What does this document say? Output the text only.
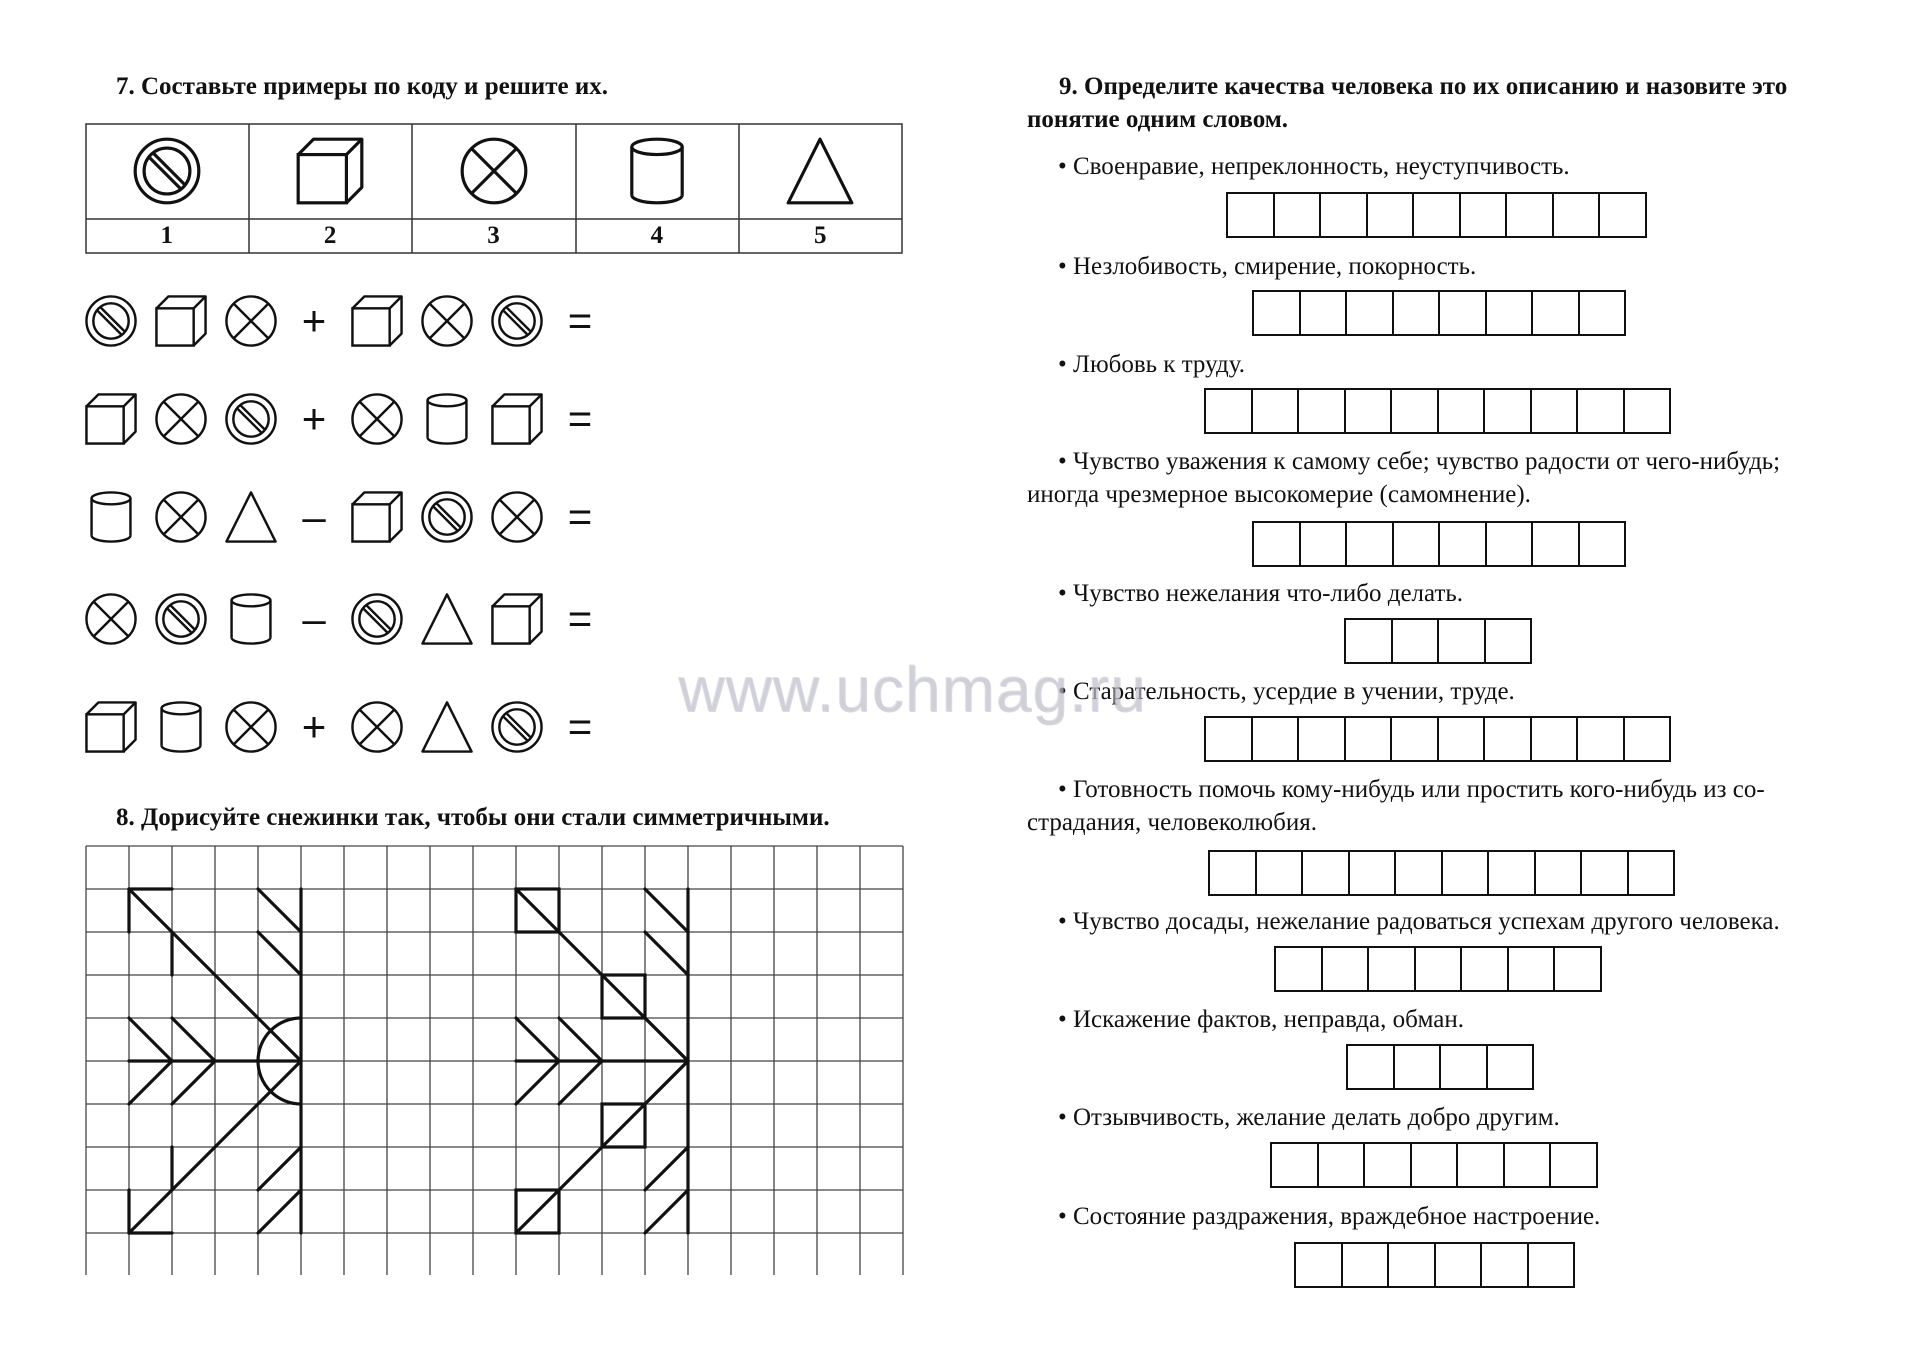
7. Составьте примеры по коду и решите их.
1	2	3	4	5
+	=
+	=
–	=
–	=
+	=
8. Дорисуйте снежинки так, чтобы они стали симметричными.
9. Определите качества человека по их описанию и назовите это
понятие одним словом.
• Своенравие, непреклонность, неуступчивость.
• Незлобивость, смирение, покорность.
• Любовь к труду.
• Чувство уважения к самому себе; чувство радости от чего-нибудь;
иногда чрезмерное высокомерие (самомнение).
• Чувство нежелания что-либо делать.
• Старательность, усердие в учении, труде.
• Готовность помочь кому-нибудь или простить кого-нибудь из со-
страдания, человеколюбия.
• Чувство досады, нежелание радоваться успехам другого человека.
• Искажение фактов, неправда, обман.
• Отзывчивость, желание делать добро другим.
• Состояние раздражения, враждебное настроение.
www.uchmag.ru
